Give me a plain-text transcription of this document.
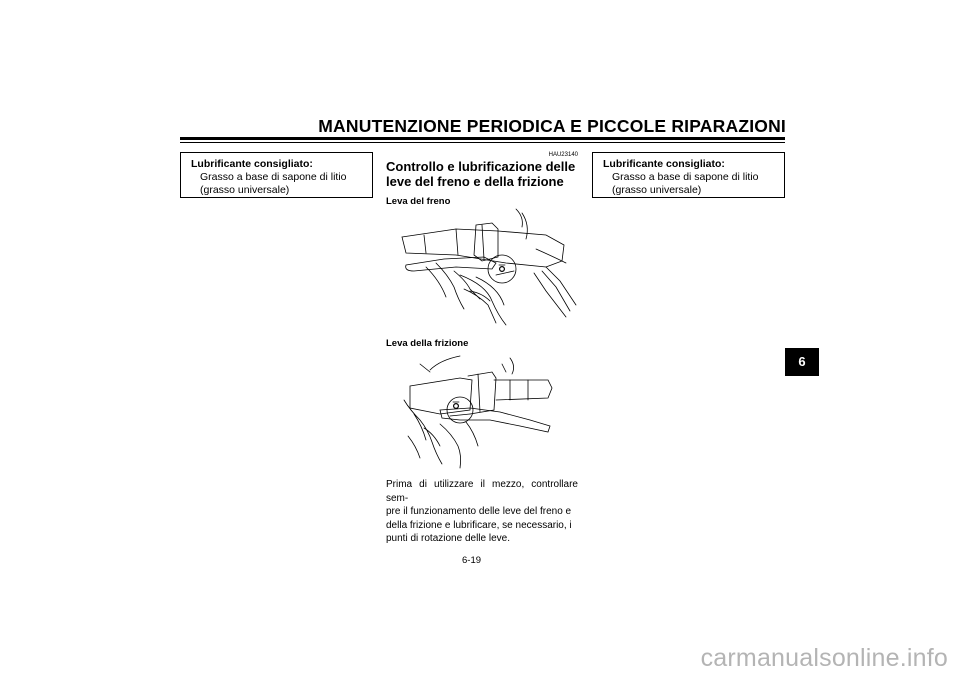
MANUTENZIONE PERIODICA E PICCOLE RIPARAZIONI
Lubrificante consigliato:
Grasso a base di sapone di litio
(grasso universale)
HAU23140
Controllo e lubrificazione delle
leve del freno e della frizione
Leva del freno
Leva della frizione
Prima di utilizzare il mezzo, controllare sem-
pre il funzionamento delle leve del freno e
della frizione e lubrificare, se necessario, i
punti di rotazione delle leve.
Lubrificante consigliato:
Grasso a base di sapone di litio
(grasso universale)
6
6-19
carmanualsonline.info
